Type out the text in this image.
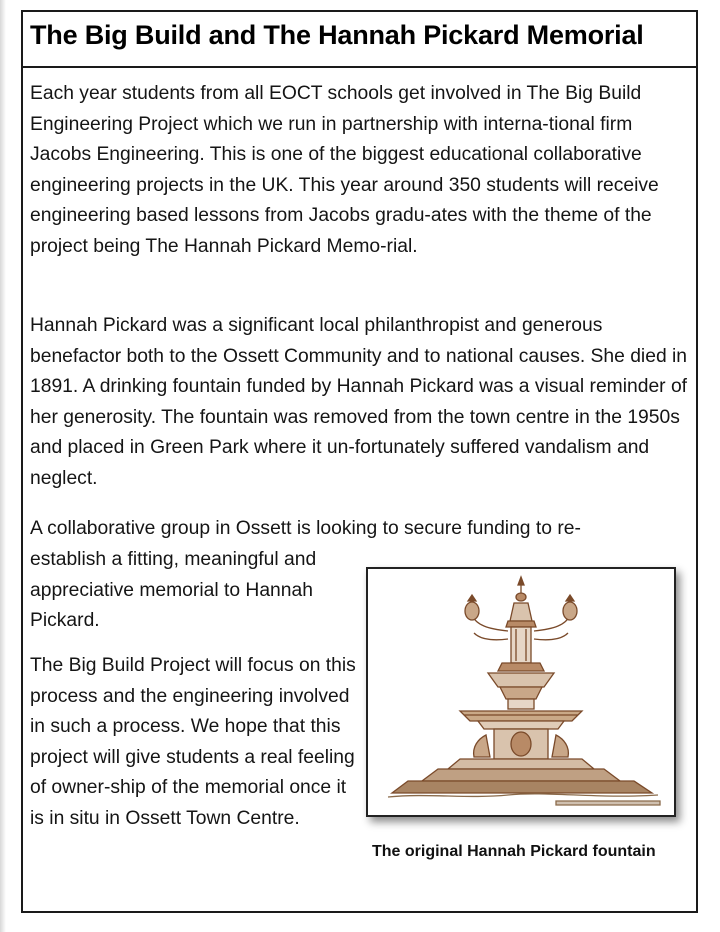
The Big Build and The Hannah Pickard Memorial

Each year students from all EOCT schools get involved in The Big Build Engineering Project which we run in partnership with interna-tional firm Jacobs Engineering. This is one of the biggest educational collaborative engineering projects in the UK. This year around 350 students will receive engineering based lessons from Jacobs gradu-ates with the theme of the project being The Hannah Pickard Memo-rial.

Hannah Pickard was a significant local philanthropist and generous benefactor both to the Ossett Community and to national causes. She died in 1891. A drinking fountain funded by Hannah Pickard was a visual reminder of her generosity. The fountain was removed from the town centre in the 1950s and placed in Green Park where it un-fortunately suffered vandalism and neglect.

A collaborative group in Ossett is looking to secure funding to re-

establish a fitting, meaningful and appreciative memorial to Hannah Pickard.

The Big Build Project will focus on this process and the engineering involved in such a process. We hope that this project will give students a real feeling of owner-ship of the memorial once it is in situ in Ossett Town Centre.

The original Hannah Pickard fountain
